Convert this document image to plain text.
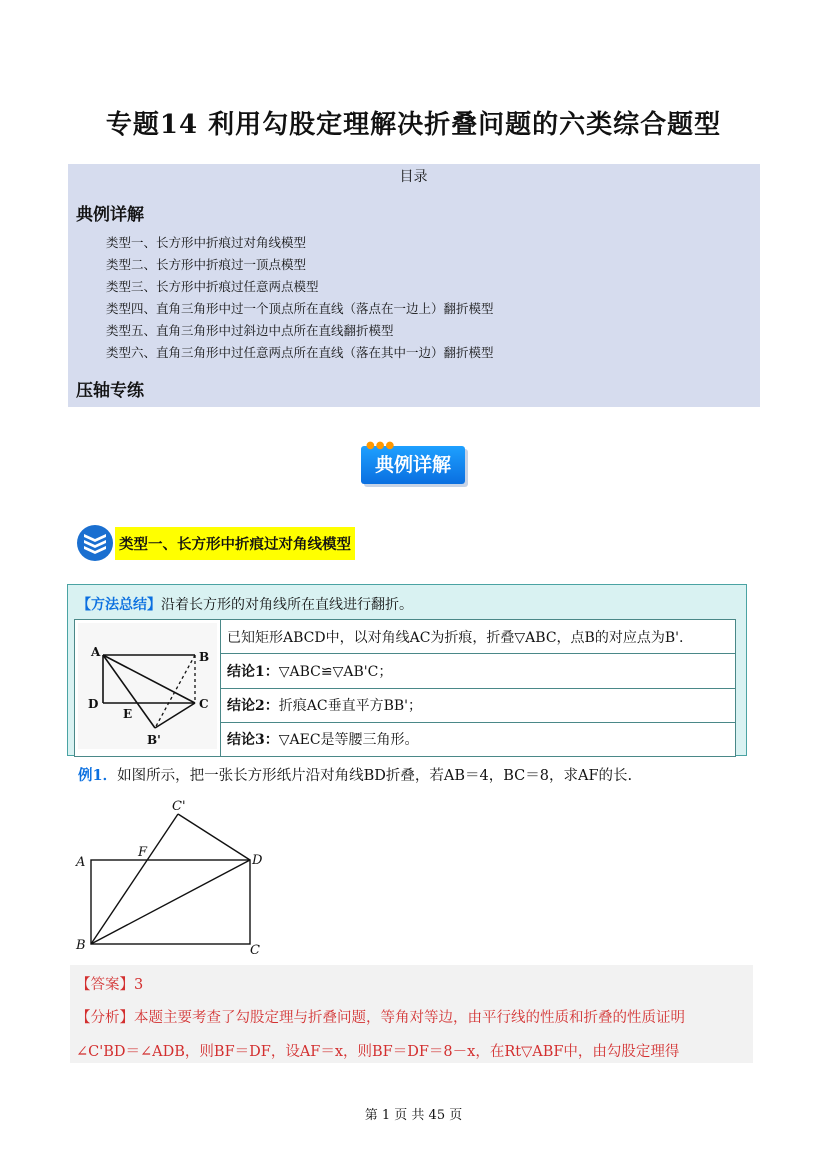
专题14 利用勾股定理解决折叠问题的六类综合题型
目录
典例详解
类型一、长方形中折痕过对角线模型
类型二、长方形中折痕过一顶点模型
类型三、长方形中折痕过任意两点模型
类型四、直角三角形中过一个顶点所在直线（落点在一边上）翻折模型
类型五、直角三角形中过斜边中点所在直线翻折模型
类型六、直角三角形中过任意两点所在直线（落在其中一边）翻折模型
压轴专练
典例详解
●●●
类型一、长方形中折痕过对角线模型
【方法总结】沿着长方形的对角线所在直线进行翻折。
A	B
D
E
C
B'
	已知矩形ABCD中，以对角线AC为折痕，折叠▽ABC，点B的对应点为B'.
结论1：▽ABC≌▽AB'C；
结论2：折痕AC垂直平方BB'；
结论3：▽AEC是等腰三角形。
例1．如图所示，把一张长方形纸片沿对角线BD折叠，若AB＝4，BC＝8，求AF的长.
C'
A
F
D
B	C
【答案】3
【分析】本题主要考查了勾股定理与折叠问题，等角对等边，由平行线的性质和折叠的性质证明
∠C'BD＝∠ADB，则BF＝DF，设AF＝x，则BF＝DF＝8－x，在Rt▽ABF中，由勾股定理得
第 1 页 共 45 页
